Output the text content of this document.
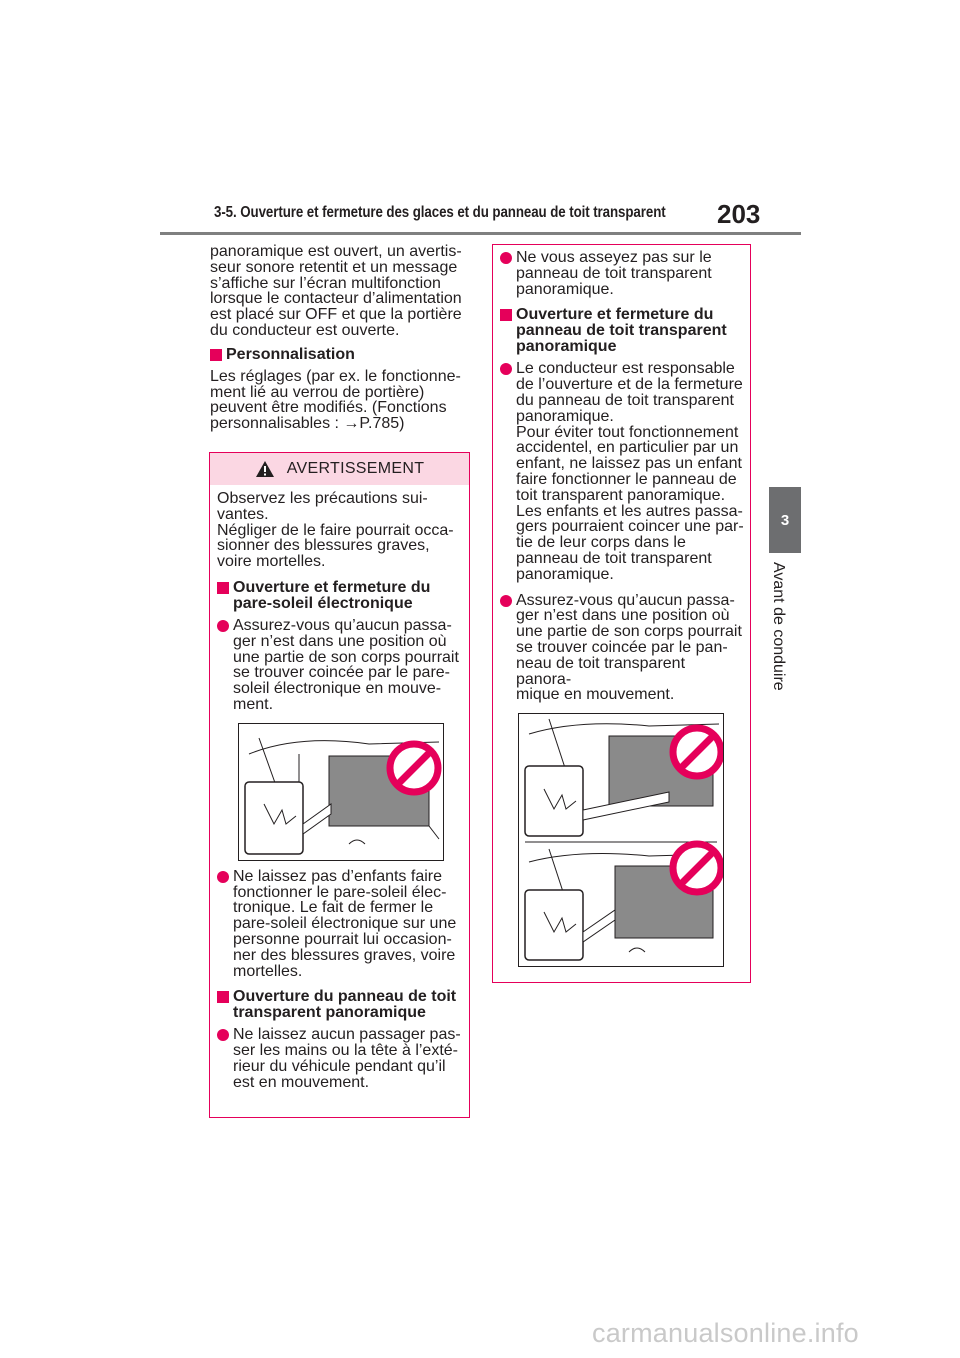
3-5. Ouverture et fermeture des glaces et du panneau de toit transparent 203
3
Avant de conduire

panoramique est ouvert, un avertis-

seur sonore retentit et un message

s’affiche sur l’écran multifonction

lorsque le contacteur d’alimentation

est placé sur OFF et que la portière

du conducteur est ouverte.

Personnalisation

Les réglages (par ex. le fonctionne-

ment lié au verrou de portière)

peuvent être modifiés. (Fonctions

personnalisables : →P.785)

AVERTISSEMENT

Observez les précautions sui-

vantes.

Négliger de le faire pourrait occa-

sionner des blessures graves,

voire mortelles.

Ouverture et fermeture du
pare-soleil électronique
Assurez-vous qu’aucun passa-
ger n’est dans une position où
une partie de son corps pourrait
se trouver coincée par le pare-
soleil électronique en mouve-
ment.
Ne laissez pas d’enfants faire
fonctionner le pare-soleil élec-
tronique. Le fait de fermer le
pare-soleil électronique sur une
personne pourrait lui occasion-
ner des blessures graves, voire
mortelles.
Ouverture du panneau de toit
transparent panoramique
Ne laissez aucun passager pas-
ser les mains ou la tête à l’exté-
rieur du véhicule pendant qu’il
est en mouvement.
Ne vous asseyez pas sur le
panneau de toit transparent
panoramique.
Ouverture et fermeture du
panneau de toit transparent
panoramique
Le conducteur est responsable
de l’ouverture et de la fermeture
du panneau de toit transparent
panoramique.
Pour éviter tout fonctionnement
accidentel, en particulier par un
enfant, ne laissez pas un enfant
faire fonctionner le panneau de
toit transparent panoramique.
Les enfants et les autres passa-
gers pourraient coincer une par-
tie de leur corps dans le
panneau de toit transparent
panoramique.
Assurez-vous qu’aucun passa-
ger n’est dans une position où
une partie de son corps pourrait
se trouver coincée par le pan-
neau de toit transparent panora-
mique en mouvement.
carmanualsonline.info
